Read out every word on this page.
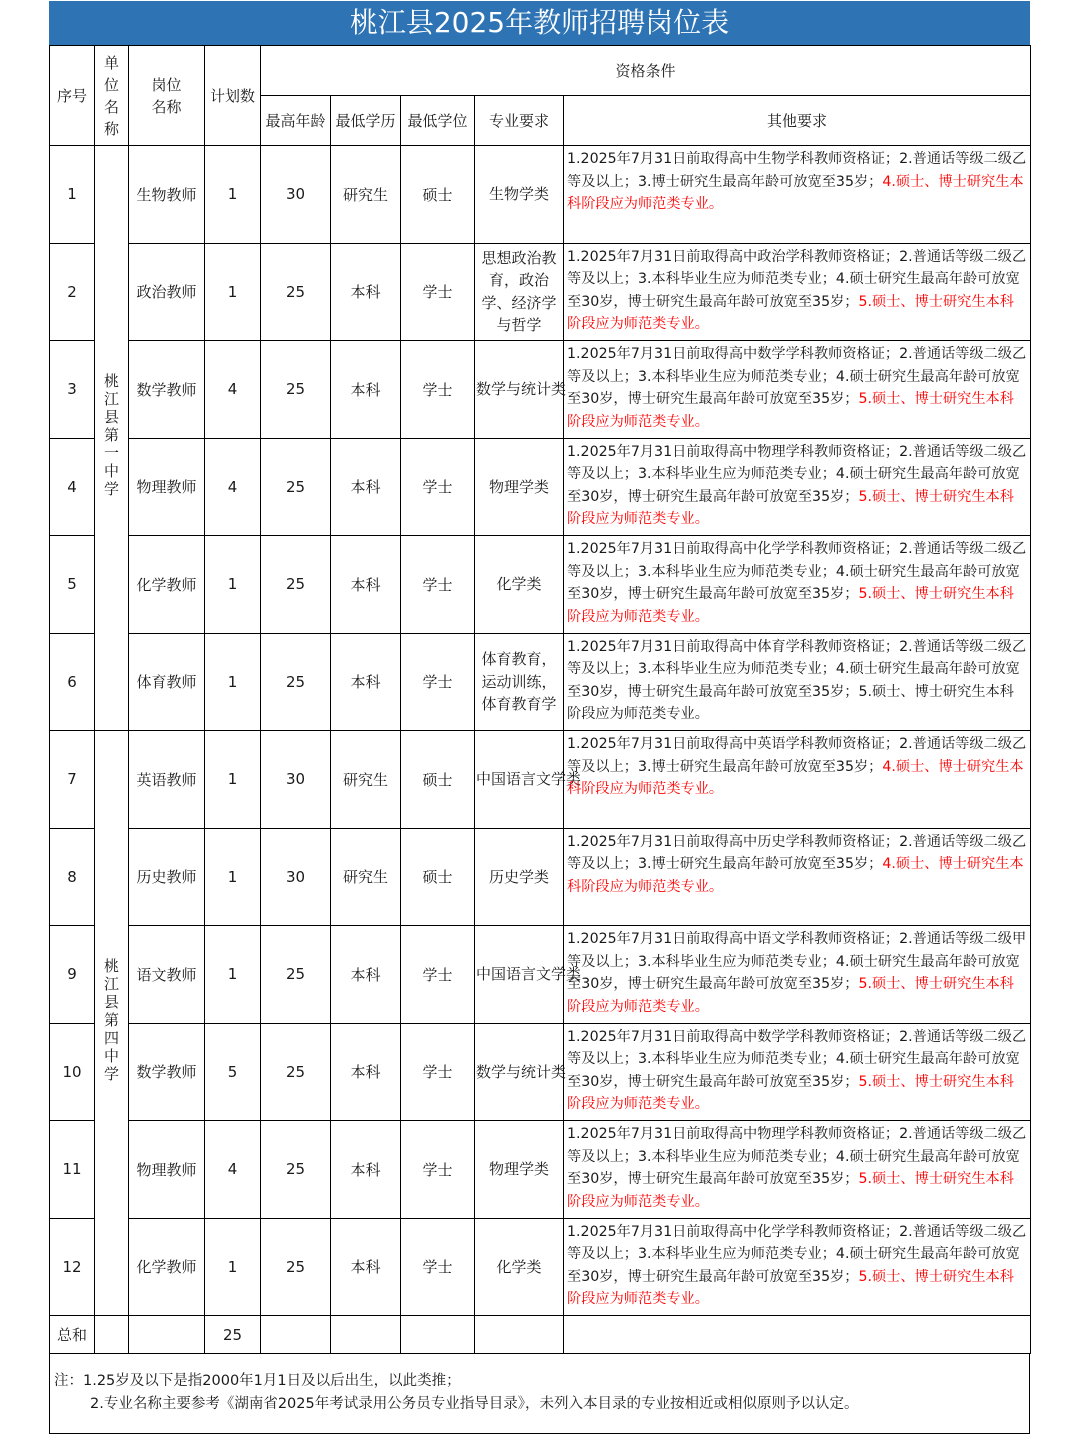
桃江县2025年教师招聘岗位表
序号	单位名称	岗位名称	计划数	资格条件				
				最高年龄	最低学历	最低学位	专业要求	其他要求
1	桃江县第一中学	生物教师	1	30	研究生	硕士	生物学类	1.2025年7月31日前取得高中生物学科教师资格证；2.普通话等级二级乙等及以上；3.博士研究生最高年龄可放宽至35岁；4.硕士、博士研究生本科阶段应为师范类专业。
2		政治教师	1	25	本科	学士	思想政治教育，政治学、经济学与哲学	1.2025年7月31日前取得高中政治学科教师资格证；2.普通话等级二级乙等及以上；3.本科毕业生应为师范类专业；4.硕士研究生最高年龄可放宽至30岁，博士研究生最高年龄可放宽至35岁；5.硕士、博士研究生本科阶段应为师范类专业。
3		数学教师	4	25	本科	学士	数学与统计类	1.2025年7月31日前取得高中数学学科教师资格证；2.普通话等级二级乙等及以上；3.本科毕业生应为师范类专业；4.硕士研究生最高年龄可放宽至30岁，博士研究生最高年龄可放宽至35岁；5.硕士、博士研究生本科阶段应为师范类专业。
4		物理教师	4	25	本科	学士	物理学类	1.2025年7月31日前取得高中物理学科教师资格证；2.普通话等级二级乙等及以上；3.本科毕业生应为师范类专业；4.硕士研究生最高年龄可放宽至30岁，博士研究生最高年龄可放宽至35岁；5.硕士、博士研究生本科阶段应为师范类专业。
5		化学教师	1	25	本科	学士	化学类	1.2025年7月31日前取得高中化学学科教师资格证；2.普通话等级二级乙等及以上；3.本科毕业生应为师范类专业；4.硕士研究生最高年龄可放宽至30岁，博士研究生最高年龄可放宽至35岁；5.硕士、博士研究生本科阶段应为师范类专业。
6		体育教师	1	25	本科	学士	体育教育，运动训练，体育教育学	1.2025年7月31日前取得高中体育学科教师资格证；2.普通话等级二级乙等及以上；3.本科毕业生应为师范类专业；4.硕士研究生最高年龄可放宽至30岁，博士研究生最高年龄可放宽至35岁；5.硕士、博士研究生本科阶段应为师范类专业。
7	桃江县第四中学	英语教师	1	30	研究生	硕士	中国语言文学类	1.2025年7月31日前取得高中英语学科教师资格证；2.普通话等级二级乙等及以上；3.博士研究生最高年龄可放宽至35岁；4.硕士、博士研究生本科阶段应为师范类专业。
8		历史教师	1	30	研究生	硕士	历史学类	1.2025年7月31日前取得高中历史学科教师资格证；2.普通话等级二级乙等及以上；3.博士研究生最高年龄可放宽至35岁；4.硕士、博士研究生本科阶段应为师范类专业。
9		语文教师	1	25	本科	学士	中国语言文学类	1.2025年7月31日前取得高中语文学科教师资格证；2.普通话等级二级甲等及以上；3.本科毕业生应为师范类专业；4.硕士研究生最高年龄可放宽至30岁，博士研究生最高年龄可放宽至35岁；5.硕士、博士研究生本科阶段应为师范类专业。
10		数学教师	5	25	本科	学士	数学与统计类	1.2025年7月31日前取得高中数学学科教师资格证；2.普通话等级二级乙等及以上；3.本科毕业生应为师范类专业；4.硕士研究生最高年龄可放宽至30岁，博士研究生最高年龄可放宽至35岁；5.硕士、博士研究生本科阶段应为师范类专业。
11		物理教师	4	25	本科	学士	物理学类	1.2025年7月31日前取得高中物理学科教师资格证；2.普通话等级二级乙等及以上；3.本科毕业生应为师范类专业；4.硕士研究生最高年龄可放宽至30岁，博士研究生最高年龄可放宽至35岁；5.硕士、博士研究生本科阶段应为师范类专业。
12		化学教师	1	25	本科	学士	化学类	1.2025年7月31日前取得高中化学学科教师资格证；2.普通话等级二级乙等及以上；3.本科毕业生应为师范类专业；4.硕士研究生最高年龄可放宽至30岁，博士研究生最高年龄可放宽至35岁；5.硕士、博士研究生本科阶段应为师范类专业。
总和			25					
注：1.25岁及以下是指2000年1月1日及以后出生，以此类推；
2.专业名称主要参考《湖南省2025年考试录用公务员专业指导目录》，未列入本目录的专业按相近或相似原则予以认定。
